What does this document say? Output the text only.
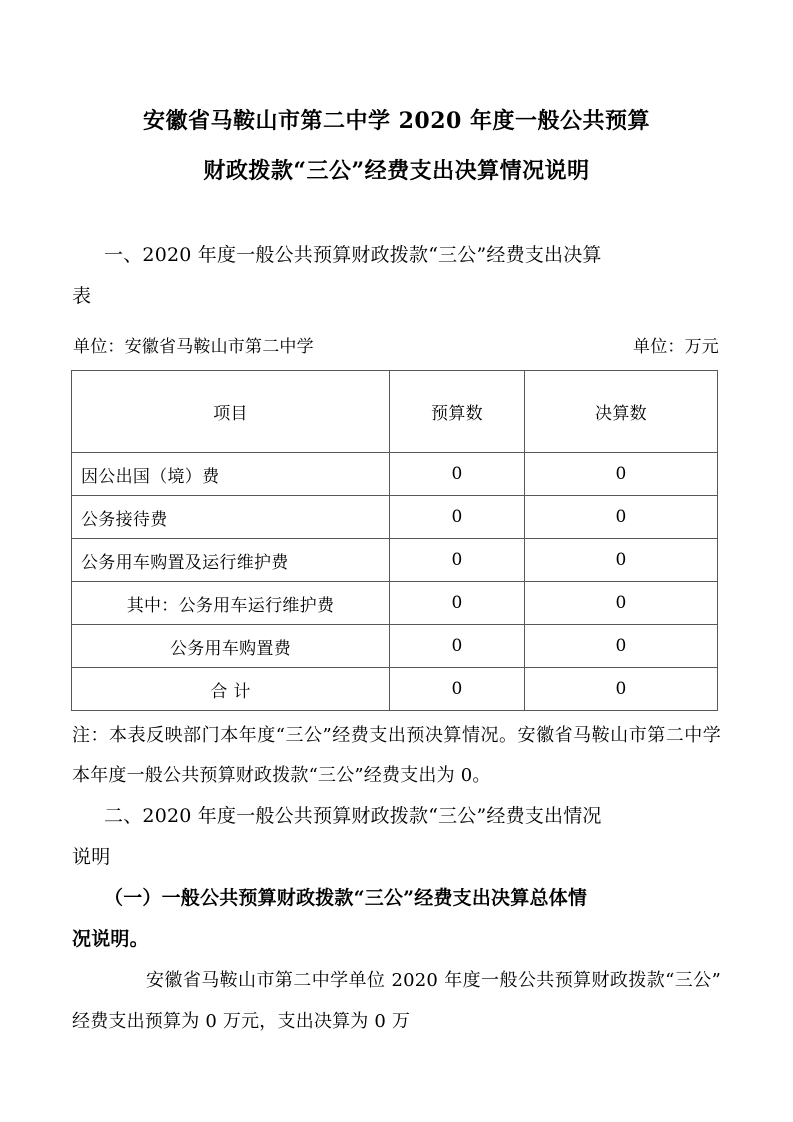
安徽省马鞍山市第二中学 2020 年度一般公共预算
财政拨款“三公”经费支出决算情况说明
一、2020 年度一般公共预算财政拨款“三公”经费支出决算
表
单位：安徽省马鞍山市第二中学	单位：万元
项目	预算数	决算数
因公出国（境）费	0	0
公务接待费	0	0
公务用车购置及运行维护费	0	0
其中：公务用车运行维护费	0	0
公务用车购置费	0	0
合 计	0	0

注：本表反映部门本年度“三公”经费支出预决算情况。安徽省马鞍山市第二中学本年度一般公共预算财政拨款“三公”经费支出为 0。

二、2020 年度一般公共预算财政拨款“三公”经费支出情况
说明
（一）一般公共预算财政拨款“三公”经费支出决算总体情
况说明。

安徽省马鞍山市第二中学单位 2020 年度一般公共预算财政拨款“三公”经费支出预算为 0 万元，支出决算为 0 万
